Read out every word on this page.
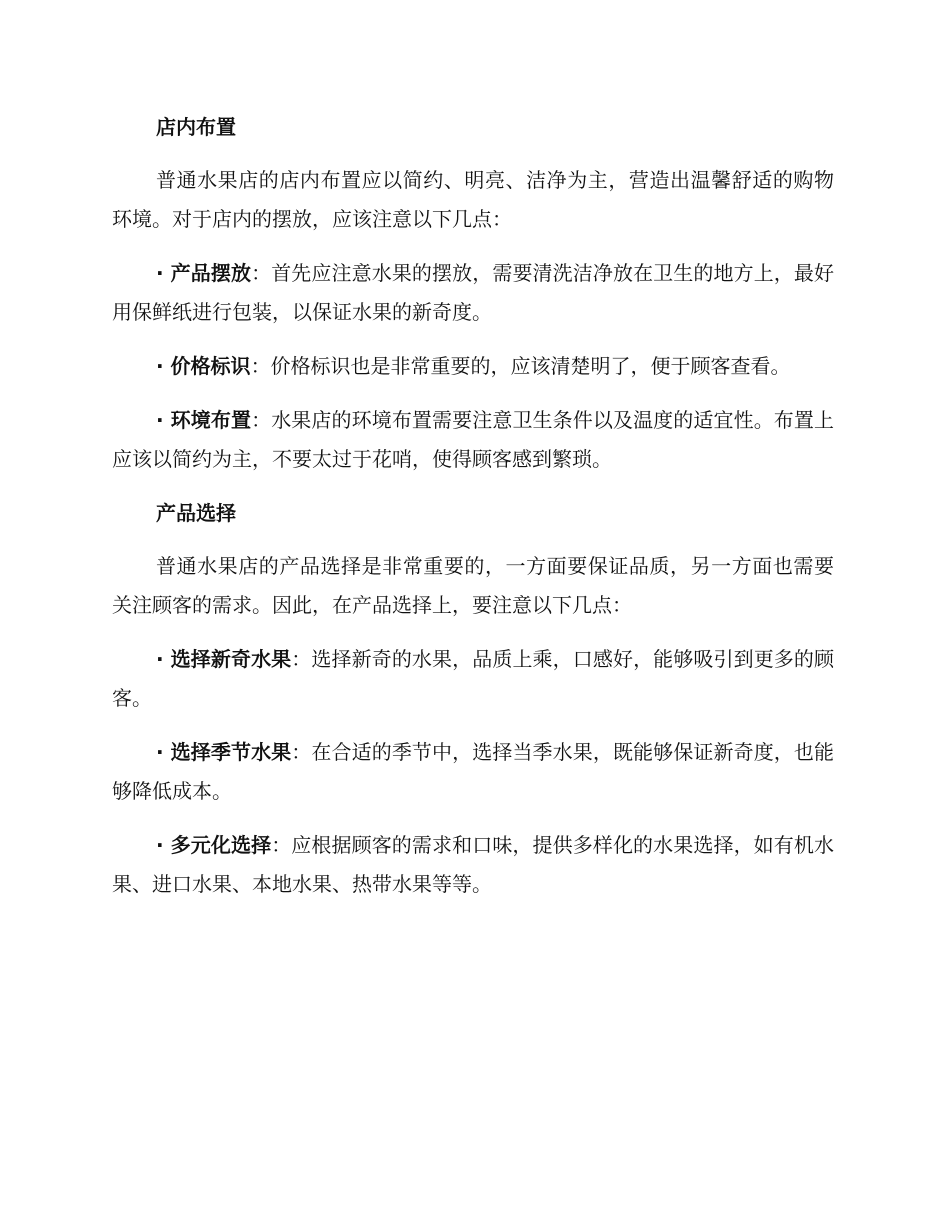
店内布置

普通水果店的店内布置应以简约、明亮、洁净为主，营造出温馨舒适的购物环境。对于店内的摆放，应该注意以下几点：

· 产品摆放：首先应注意水果的摆放，需要清洗洁净放在卫生的地方上，最好用保鲜纸进行包装，以保证水果的新奇度。

· 价格标识：价格标识也是非常重要的，应该清楚明了，便于顾客查看。

· 环境布置：水果店的环境布置需要注意卫生条件以及温度的适宜性。布置上应该以简约为主，不要太过于花哨，使得顾客感到繁琐。

产品选择

普通水果店的产品选择是非常重要的，一方面要保证品质，另一方面也需要关注顾客的需求。因此，在产品选择上，要注意以下几点：

· 选择新奇水果：选择新奇的水果，品质上乘，口感好，能够吸引到更多的顾客。

· 选择季节水果：在合适的季节中，选择当季水果，既能够保证新奇度，也能够降低成本。

· 多元化选择：应根据顾客的需求和口味，提供多样化的水果选择，如有机水果、进口水果、本地水果、热带水果等等。
